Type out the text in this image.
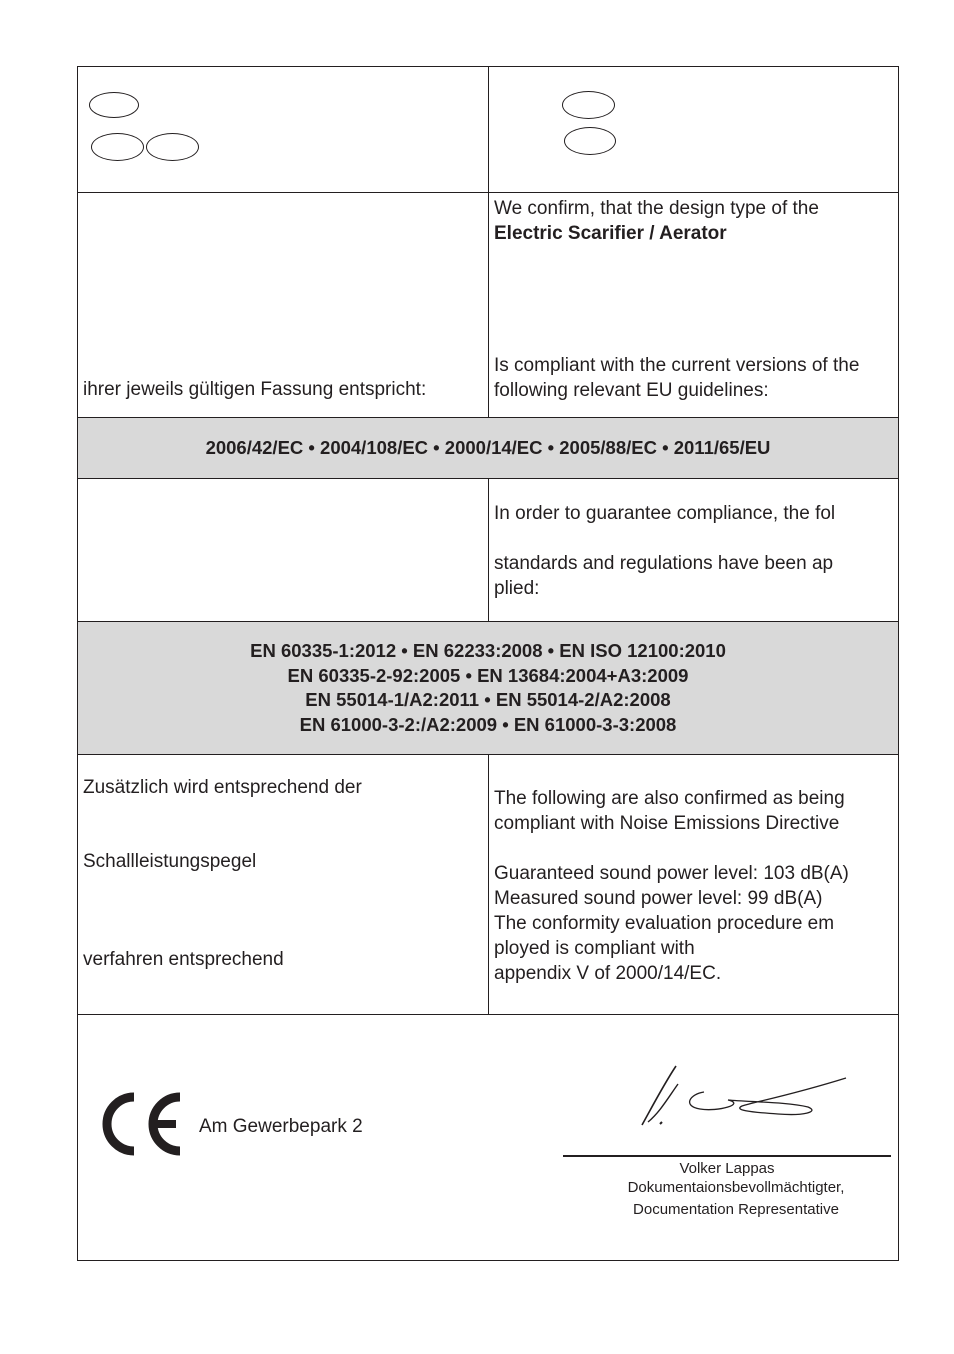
ihrer jeweils gültigen Fassung entspricht:
We confirm, that the design type of the
Electric Scarifier / Aerator
Is compliant with the current versions of the
following relevant EU guidelines:
2006/42/EC • 2004/108/EC • 2000/14/EC • 2005/88/EC • 2011/65/EU
In order to guarantee compliance, the fol
standards and regulations have been ap
plied:
EN 60335-1:2012 • EN 62233:2008 • EN ISO 12100:2010
EN 60335-2-92:2005 • EN 13684:2004+A3:2009
EN 55014-1/A2:2011 • EN 55014-2/A2:2008
EN 61000-3-2:/A2:2009 • EN 61000-3-3:2008
Zusätzlich wird entsprechend der
Schallleistungspegel
verfahren entsprechend
The following are also confirmed as being
compliant with Noise Emissions Directive
Guaranteed sound power level: 103 dB(A)
Measured sound power level: 99 dB(A)
The conformity evaluation procedure em
ployed is compliant with
appendix V of 2000/14/EC.
Am Gewerbepark 2
Volker Lappas
Dokumentaionsbevollmächtigter,
Documentation Representative
